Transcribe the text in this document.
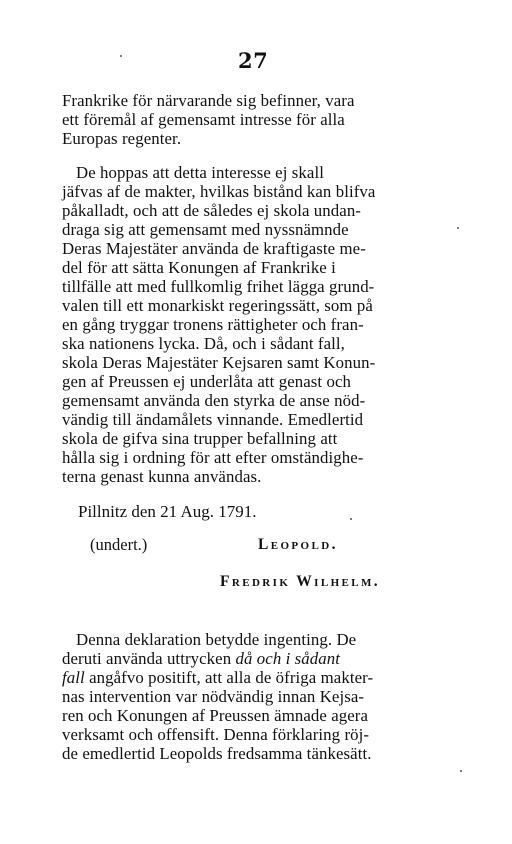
27
Frankrike för närvarande sig befinner, vara
ett föremål af gemensamt intresse för alla
Europas regenter.
De hoppas att detta interesse ej skall
jäfvas af de makter, hvilkas bistånd kan blifva
påkalladt, och att de således ej skola undan-
draga sig att gemensamt med nyssnämnde
Deras Majestäter använda de kraftigaste me-
del för att sätta Konungen af Frankrike i
tillfälle att med fullkomlig frihet lägga grund-
valen till ett monarkiskt regeringssätt, som på
en gång tryggar tronens rättigheter och fran-
ska nationens lycka. Då, och i sådant fall,
skola Deras Majestäter Kejsaren samt Konun-
gen af Preussen ej underlåta att genast och
gemensamt använda den styrka de anse nöd-
vändig till ändamålets vinnande. Emedlertid
skola de gifva sina trupper befallning att
hålla sig i ordning för att efter omständighe-
terna genast kunna användas.
Pillnitz den 21 Aug. 1791.
(undert.)	Leopold.
Fredrik Wilhelm.
Denna deklaration betydde ingenting. De
deruti använda uttrycken då och i sådant
fall angåfvo positift, att alla de öfriga makter-
nas intervention var nödvändig innan Kejsa-
ren och Konungen af Preussen ämnade agera
verksamt och offensift. Denna förklaring röj-
de emedlertid Leopolds fredsamma tänkesätt.
